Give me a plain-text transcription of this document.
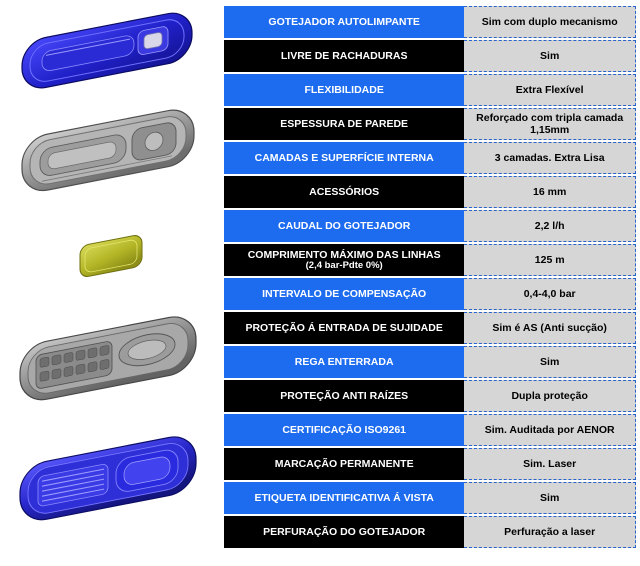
GOTEJADOR AUTOLIMPANTE	Sim com duplo mecanismo
LIVRE DE RACHADURAS	Sim
FLEXIBILIDADE	Extra Flexível
ESPESSURA DE PAREDE	Reforçado com tripla camada
1,15mm

CAMADAS E SUPERFÍCIE INTERNA	3 camadas. Extra Lisa
ACESSÓRIOS	16 mm
CAUDAL DO GOTEJADOR	2,2 l/h
COMPRIMENTO MÁXIMO DAS LINHAS
(2,4 bar-Pdte 0%)	125 m
INTERVALO DE COMPENSAÇÃO	0,4-4,0 bar
PROTEÇÃO Á ENTRADA DE SUJIDADE	Sim é AS (Anti sucção)
REGA ENTERRADA	Sim
PROTEÇÃO ANTI RAÍZES	Dupla proteção
CERTIFICAÇÃO ISO9261	Sim. Auditada por AENOR
MARCAÇÃO PERMANENTE	Sim. Laser
ETIQUETA IDENTIFICATIVA Á VISTA	Sim
PERFURAÇÃO DO GOTEJADOR	Perfuração a laser
